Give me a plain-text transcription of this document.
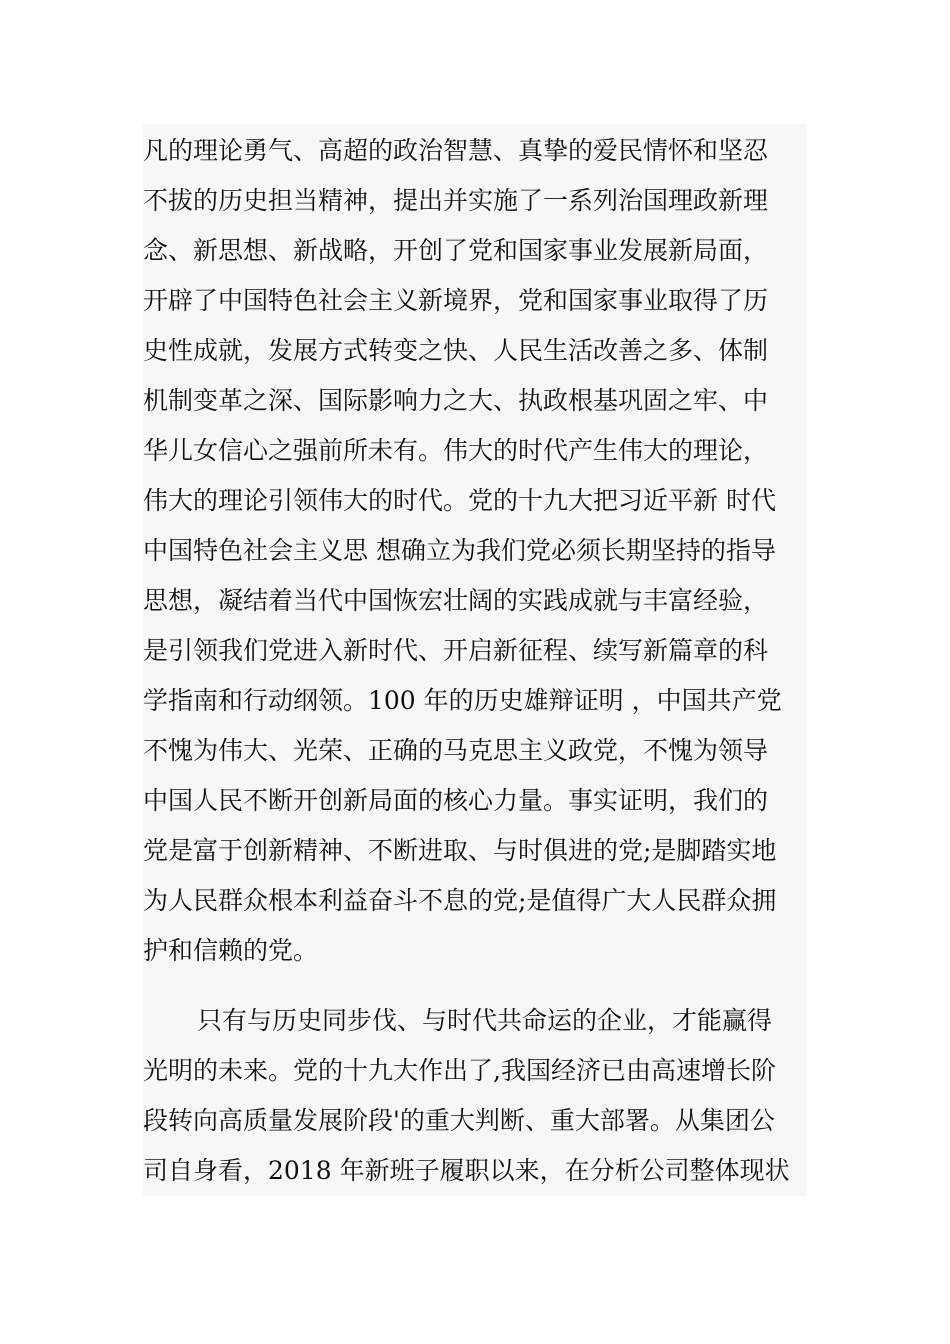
凡的理论勇气、高超的政治智慧、真挚的爱民情怀和坚忍
不拔的历史担当精神，提出并实施了一系列治国理政新理
念、新思想、新战略，开创了党和国家事业发展新局面，
开辟了中国特色社会主义新境界，党和国家事业取得了历
史性成就，发展方式转变之快、人民生活改善之多、体制
机制变革之深、国际影响力之大、执政根基巩固之牢、中
华儿女信心之强前所未有。伟大的时代产生伟大的理论，
伟大的理论引领伟大的时代。党的十九大把习近平新 时代
中国特色社会主义思 想确立为我们党必须长期坚持的指导
思想，凝结着当代中国恢宏壮阔的实践成就与丰富经验，
是引领我们党进入新时代、开启新征程、续写新篇章的科
学指南和行动纲领。100 年的历史雄辩证明 ，中国共产党
不愧为伟大、光荣、正确的马克思主义政党，不愧为领导
中国人民不断开创新局面的核心力量。事实证明，我们的
党是富于创新精神、不断进取、与时俱进的党;是脚踏实地
为人民群众根本利益奋斗不息的党;是值得广大人民群众拥
护和信赖的党。
只有与历史同步伐、与时代共命运的企业，才能赢得
光明的未来。党的十九大作出了,我国经济已由高速增长阶
段转向高质量发展阶段'的重大判断、重大部署。从集团公
司自身看，2018 年新班子履职以来，在分析公司整体现状
